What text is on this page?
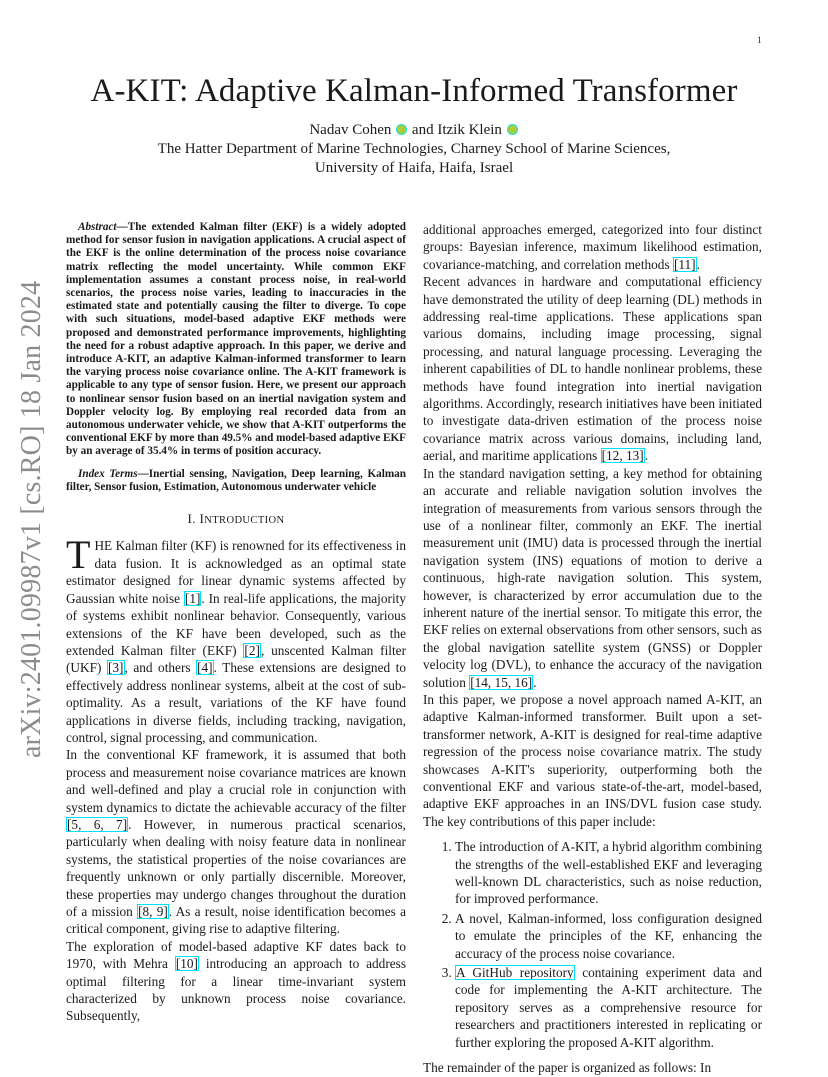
1
arXiv:2401.09987v1 [cs.RO] 18 Jan 2024
A-KIT: Adaptive Kalman-Informed Transformer
Nadav Cohen and Itzik Klein
The Hatter Department of Marine Technologies, Charney School of Marine Sciences,
University of Haifa, Haifa, Israel

Abstract—The extended Kalman filter (EKF) is a widely adopted method for sensor fusion in navigation applications. A crucial aspect of the EKF is the online determination of the process noise covariance matrix reflecting the model uncertainty. While common EKF implementation assumes a constant process noise, in real-world scenarios, the process noise varies, leading to inaccuracies in the estimated state and potentially causing the filter to diverge. To cope with such situations, model-based adaptive EKF methods were proposed and demonstrated performance improvements, highlighting the need for a robust adaptive approach. In this paper, we derive and introduce A-KIT, an adaptive Kalman-informed transformer to learn the varying process noise covariance online. The A-KIT framework is applicable to any type of sensor fusion. Here, we present our approach to nonlinear sensor fusion based on an inertial navigation system and Doppler velocity log. By employing real recorded data from an autonomous underwater vehicle, we show that A-KIT outperforms the conventional EKF by more than 49.5% and model-based adaptive EKF by an average of 35.4% in terms of position accuracy.

Index Terms—Inertial sensing, Navigation, Deep learning, Kalman filter, Sensor fusion, Estimation, Autonomous underwater vehicle

I. INTRODUCTION

THE Kalman filter (KF) is renowned for its effectiveness in data fusion. It is acknowledged as an optimal state estimator designed for linear dynamic systems affected by Gaussian white noise [1]. In real-life applications, the majority of systems exhibit nonlinear behavior. Consequently, various extensions of the KF have been developed, such as the extended Kalman filter (EKF) [2], unscented Kalman filter (UKF) [3], and others [4]. These extensions are designed to effectively address nonlinear systems, albeit at the cost of sub-optimality. As a result, variations of the KF have found applications in diverse fields, including tracking, navigation, control, signal processing, and communication.

In the conventional KF framework, it is assumed that both process and measurement noise covariance matrices are known and well-defined and play a crucial role in conjunction with system dynamics to dictate the achievable accuracy of the filter [5, 6, 7]. However, in numerous practical scenarios, particularly when dealing with noisy feature data in nonlinear systems, the statistical properties of the noise covariances are frequently unknown or only partially discernible. Moreover, these properties may undergo changes throughout the duration of a mission [8, 9]. As a result, noise identification becomes a critical component, giving rise to adaptive filtering.

The exploration of model-based adaptive KF dates back to 1970, with Mehra [10] introducing an approach to address optimal filtering for a linear time-invariant system characterized by unknown process noise covariance. Subsequently,

additional approaches emerged, categorized into four distinct groups: Bayesian inference, maximum likelihood estimation, covariance-matching, and correlation methods [11].

Recent advances in hardware and computational efficiency have demonstrated the utility of deep learning (DL) methods in addressing real-time applications. These applications span various domains, including image processing, signal processing, and natural language processing. Leveraging the inherent capabilities of DL to handle nonlinear problems, these methods have found integration into inertial navigation algorithms. Accordingly, research initiatives have been initiated to investigate data-driven estimation of the process noise covariance matrix across various domains, including land, aerial, and maritime applications [12, 13].

In the standard navigation setting, a key method for obtaining an accurate and reliable navigation solution involves the integration of measurements from various sensors through the use of a nonlinear filter, commonly an EKF. The inertial measurement unit (IMU) data is processed through the inertial navigation system (INS) equations of motion to derive a continuous, high-rate navigation solution. This system, however, is characterized by error accumulation due to the inherent nature of the inertial sensor. To mitigate this error, the EKF relies on external observations from other sensors, such as the global navigation satellite system (GNSS) or Doppler velocity log (DVL), to enhance the accuracy of the navigation solution [14, 15, 16].

In this paper, we propose a novel approach named A-KIT, an adaptive Kalman-informed transformer. Built upon a set-transformer network, A-KIT is designed for real-time adaptive regression of the process noise covariance matrix. The study showcases A-KIT's superiority, outperforming both the conventional EKF and various state-of-the-art, model-based, adaptive EKF approaches in an INS/DVL fusion case study. The key contributions of this paper include:

1. The introduction of A-KIT, a hybrid algorithm combining the strengths of the well-established EKF and leveraging well-known DL characteristics, such as noise reduction, for improved performance.
2. A novel, Kalman-informed, loss configuration designed to emulate the principles of the KF, enhancing the accuracy of the process noise covariance.
3. A GitHub repository containing experiment data and code for implementing the A-KIT architecture. The repository serves as a comprehensive resource for researchers and practitioners interested in replicating or further exploring the proposed A-KIT algorithm.

The remainder of the paper is organized as follows: In
